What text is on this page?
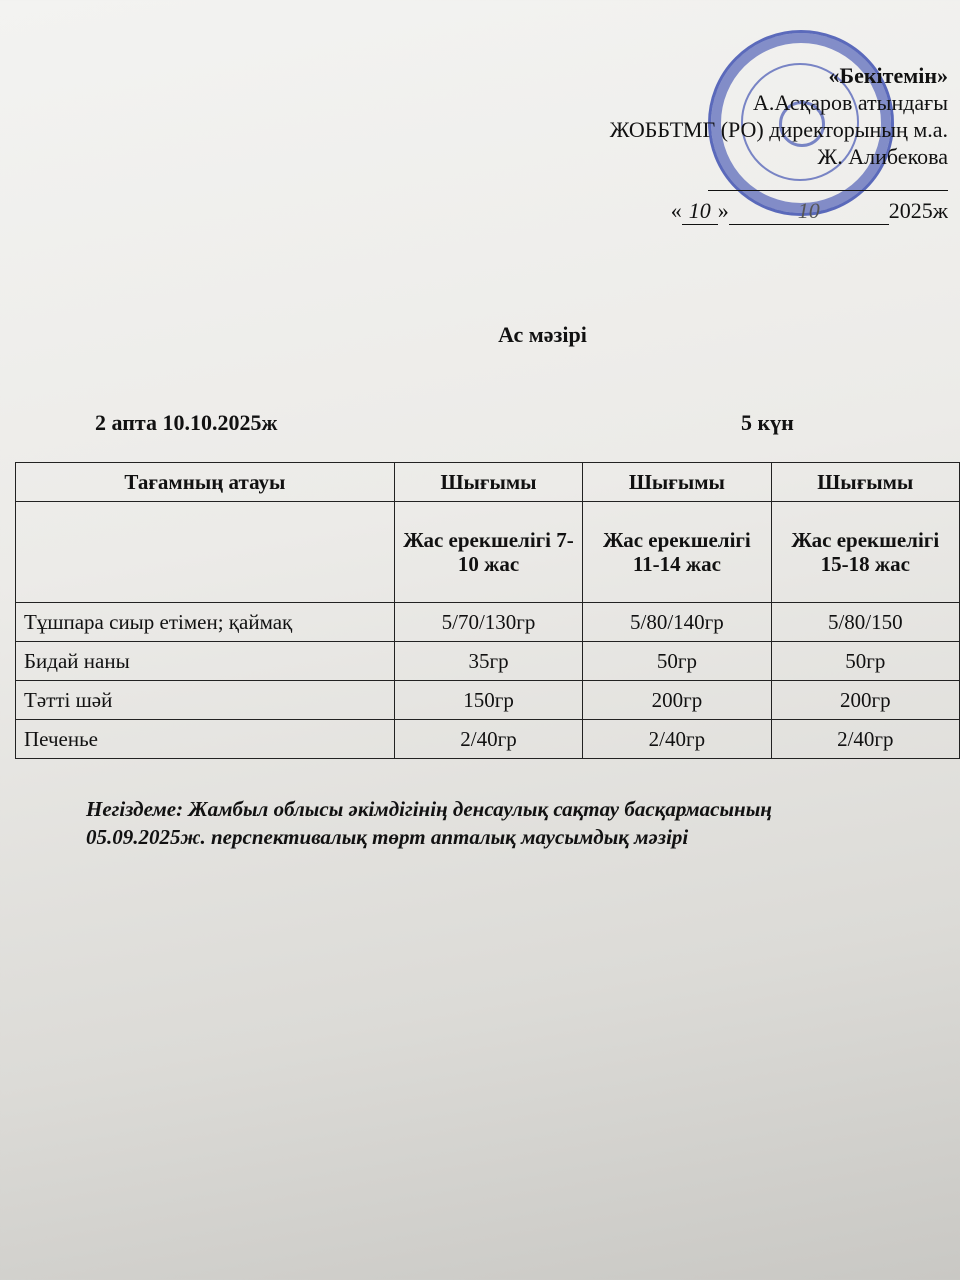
«Бекітемін»
А.Асқаров атындағы
ЖОББТМГ (РО) директорының м.а.
Ж. Алибекова
« 10 »	10	2025ж
Ас мәзірі
2 апта 10.10.2025ж	5 күн
Тағамның атауы	Шығымы	Шығымы	Шығымы
	Жас ерекшелігі 7-10 жас	Жас ерекшелігі 11-14 жас	Жас ерекшелігі 15-18 жас
Тұшпара сиыр етімен; қаймақ	5/70/130гр	5/80/140гр	5/80/150
Бидай наны	35гр	50гр	50гр
Тәтті шәй	150гр	200гр	200гр
Печенье	2/40гр	2/40гр	2/40гр
Негіздеме: Жамбыл облысы әкімдігінің денсаулық сақтау басқармасының 05.09.2025ж. перспективалық төрт апталық маусымдық мәзірі
